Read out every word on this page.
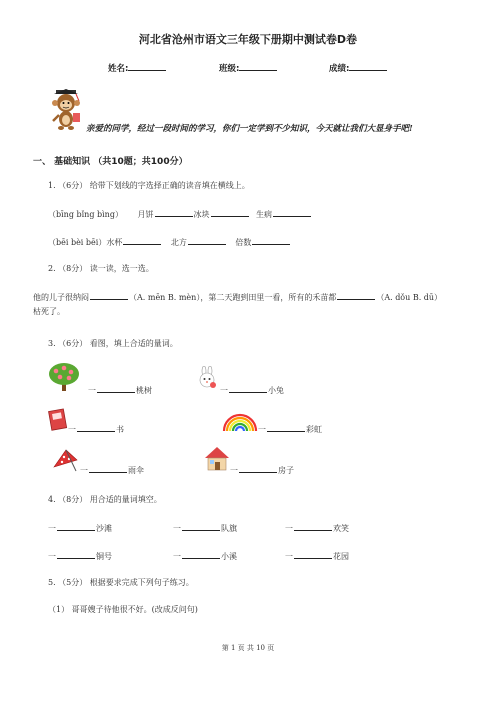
河北省沧州市语文三年级下册期中测试卷D卷
姓名:	班级:	成绩:
亲爱的同学，经过一段时间的学习，你们一定学到不少知识，今天就让我们大显身手吧!
一、 基础知识 （共10题；共100分）
1. （6分） 给带下划线的字选择正确的读音填在横线上。
（bīng bǐng bìng） 月饼	冰块	生病
（bēi bèi bēi）水杯	北方	倍数
2. （8分） 读一读，选一选。
他的儿子很纳闷	（A. mēn B. mèn），第二天跑到田里一看，所有的禾苗都	（A. dǒu B. dū）
枯死了。
3. （6分） 看图，填上合适的量词。
一	桃树	一	小兔
一	书	一	彩虹
一	雨伞	一	房子
4. （8分） 用合适的量词填空。
一	沙滩	一	队旗	一	欢笑
一	铜号	一	小溪	一	花园
5. （5分） 根据要求完成下列句子练习。
（1） 哥哥嫂子待他很不好。(改成反问句)
第 1 页 共 10 页
